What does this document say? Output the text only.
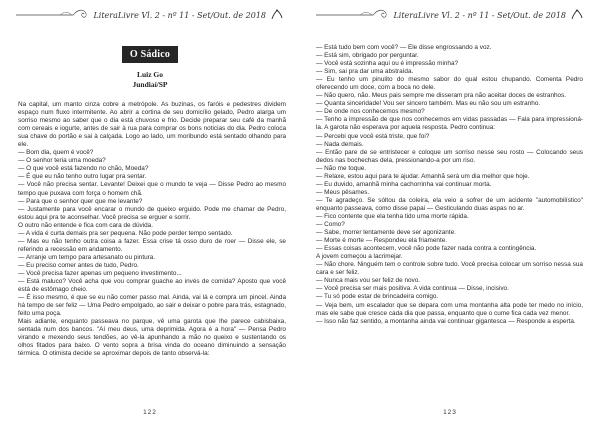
LiteraLivre Vl. 2 - nº 11 - Set/Out. de 2018
O Sádico
Luiz Go
Jundiaí/SP

Na capital, um manto cinza cobre a metrópole. As buzinas, os faróis e pedestres dividem espaço num fluxo intermitente. Ao abrir a cortina de seu domicílio gelado, Pedro alarga um sorriso mesmo ao saber que o dia está chuvoso e frio. Decide preparar seu café da manhã com cereais e iogurte, antes de sair à rua para comprar os bons noticias do dia. Pedro coloca sua chave do portão e sai à calçada. Logo ao lado, um moribundo está sentado olhando para ele.

— Bom dia, quem é você?

— O senhor teria uma moeda?

— O que você está fazendo no chão, Moeda?

— É que eu não tenho outro lugar pra sentar.

— Você não precisa sentar. Levante! Deixei que o mundo te veja — Disse Pedro ao mesmo tempo que puxava com força o homem chã.

— Para que o senhor quer que me levante?

— Justamente para você encarar o mundo de queixo erguido. Pode me chamar de Pedro, estou aqui pra te aconselhar. Você precisa se erguer e sorrir.

O outro não entende e fica com cara de dúvida.

— A vida é curta demais pra ser pequena. Não pode perder tempo sentado.

— Mas eu não tenho outra coisa a fazer. Essa crise tá osso duro de roer — Disse ele, se referindo a recessão em andamento.

— Arranje um tempo para artesanato ou pintura.

— Eu preciso comer antes de tudo, Pedro.

— Você precisa fazer apenas um pequeno investimento...

— Está maluco? Você acha que vou comprar guache ao invés de comida? Aposto que você está de estômago cheio.

— É isso mesmo, é que se eu não comer passo mal. Ainda, vai lá e compra um pincel. Ainda há tempo de ser feliz — Uma Pedro empolgado, ao sair e deixar o pobre para trás, estagnado, feito uma poça.

Mais adiante, enquanto passeava no parque, vê uma garota que lhe parece cabisbaixa, sentada num dos bancos. "Aí meu deus, uma deprimida. Agora é a hora" — Pensa Pedro virando e mexendo seus tendões, ao vê-la apunhando a mão no queixo e sustentando os olhos fitados para baixo. O vento sopra a brisa vinda do oceano diminuindo a sensação térmica. O otimista decide se aproximar depois de tanto observá-la:

122
LiteraLivre Vl. 2 - nº 11 - Set/Out. de 2018

— Está tudo bem com você? — Ele disse engrossando a voz.

— Está sim, obrigado por perguntar.

— Você está sozinha aqui ou é impressão minha?

— Sim, sai pra dar uma abstraída.

— Eu tenho um pinulito do mesmo sabor do qual estou chupando. Comenta Pedro oferecendo um doce, com a boca no dele.

— Não quero, não. Meus pais sempre me disseram pra não aceitar doces de estranhos.

— Quanta sinceridade! Vou ser sincero também. Mas eu não sou um estranho.

— De onde nos conhecemos mesmo?

— Tenho a impressão de que nos conhecemos em vidas passadas — Fala para impressioná-la. A garota não esperava por aquela resposta. Pedro continua:

— Percebi que você está triste, que foi?

— Nada demais.

— Então pare de se entristecer e coloque um sorriso nesse seu rosto — Colocando seus dedos nas bochechas dela, pressionando-a por um riso.

— Não me toque.

— Relaxe, estou aqui para te ajudar. Amanhã será um dia melhor que hoje.

— Eu duvido, amanhã minha cachorrinha vai continuar morta.

— Meus pêsames.

— Te agradeço. Se sóltou da coleira, ela veio a sofrer de um acidente "automobilístico" enquanto passeava, como disse papai — Gesticulando duas aspas no ar.

— Fico contente que ela tenha tido uma morte rápida.

— Como?

— Sabe, morrer lentamente deve ser agonizante.

— Morte é morte — Respondeu ela friamente.

— Essas coisas acontecem, você não pode fazer nada contra a contingência.

A jovem começou a lacrimejar.

— Não chore. Ninguém tem o controle sobre tudo. Você precisa colocar um sorriso nessa sua cara e ser feliz.

— Nunca mais vou ser feliz de novo.

— Você precisa ser mais positiva. A vida continua — Disse, incisivo.

— Tu só pode estar de brincadeira comigo.

— Veja bem, um escalador que se depara com uma montanha alta pode ter medo no início, mas ele sabe que cresce cada dia que passa, enquanto que o cume fica cada vez menor.

— Isso não faz sentido, a montanha ainda vai continuar gigantesca — Responde a esperta.

123
